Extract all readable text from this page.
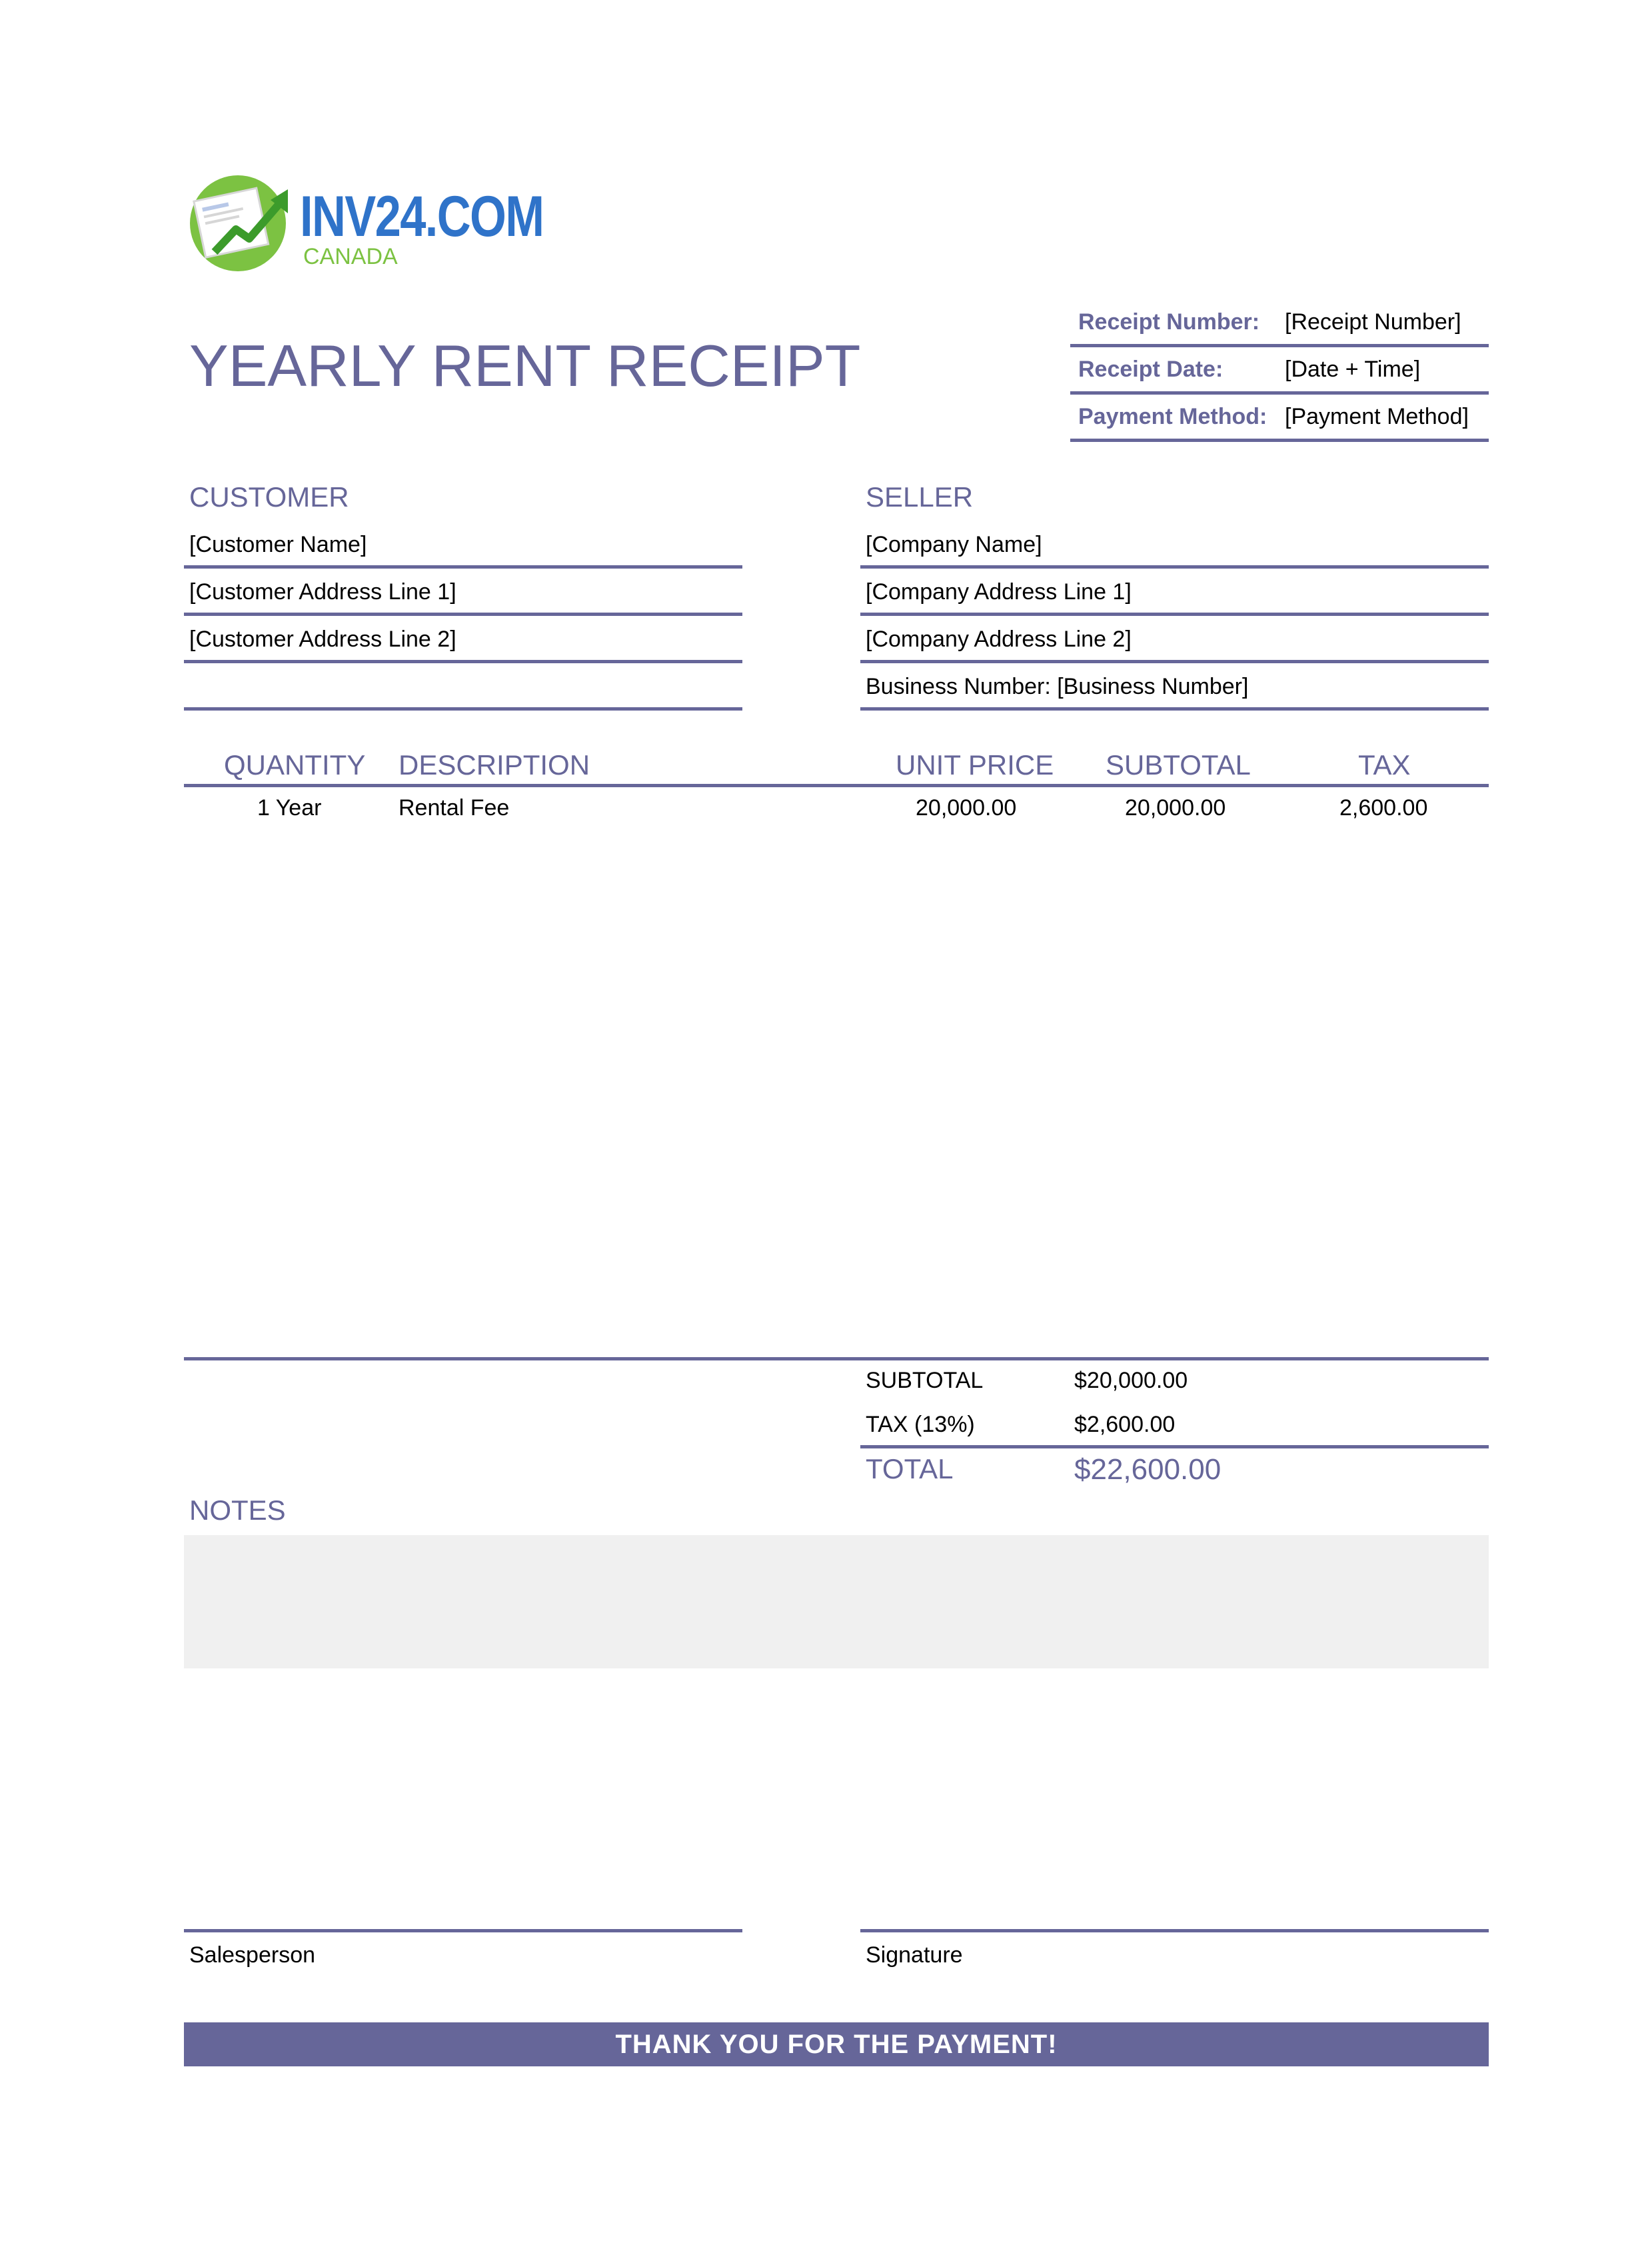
INV24.COM
CANADA
YEARLY RENT RECEIPT
Receipt Number: [Receipt Number]
Receipt Date:	[Date + Time]
Payment Method: [Payment Method]
CUSTOMER
[Customer Name]
[Customer Address Line 1]
[Customer Address Line 2]
SELLER
[Company Name]
[Company Address Line 1]
[Company Address Line 2]
Business Number: [Business Number]
QUANTITY DESCRIPTION	UNIT PRICE SUBTOTAL	TAX
1 Year	Rental Fee	20,000.00	20,000.00	2,600.00
SUBTOTAL	$20,000.00
TAX (13%)	$2,600.00
TOTAL	$22,600.00
NOTES
Salesperson	Signature
THANK YOU FOR THE PAYMENT!
